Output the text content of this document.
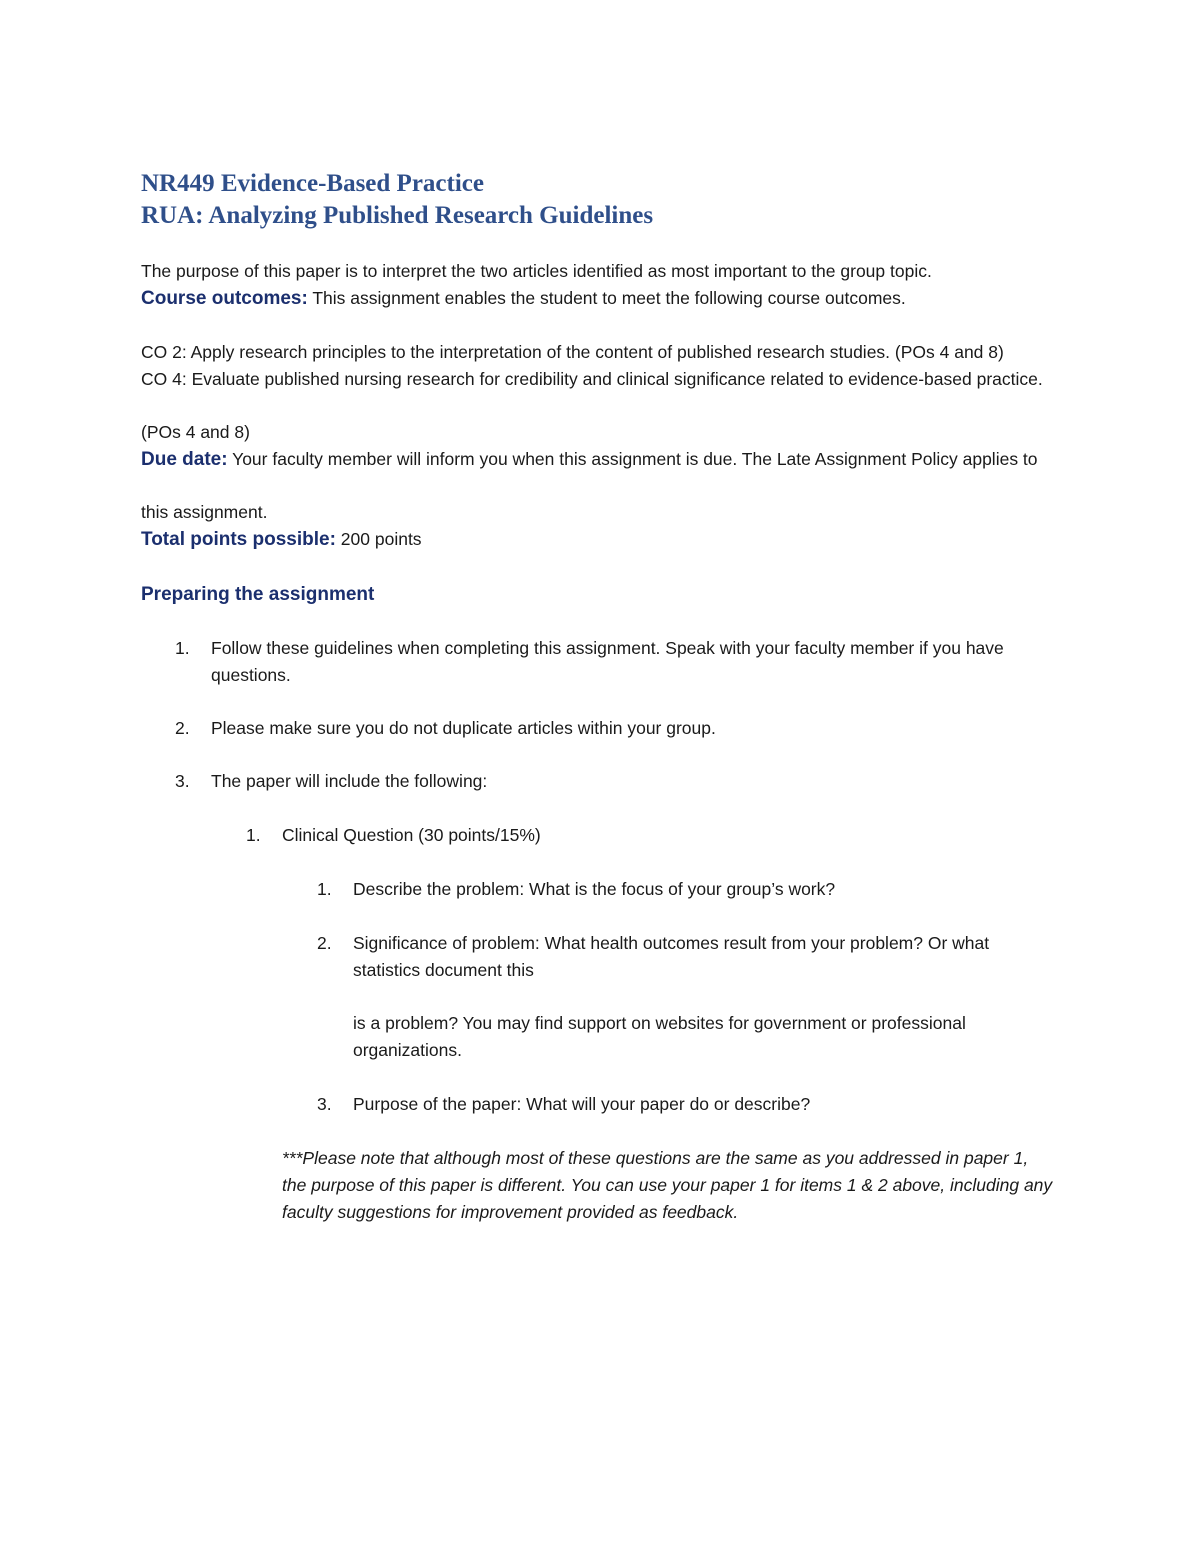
NR449 Evidence-Based Practice
RUA: Analyzing Published Research Guidelines

The purpose of this paper is to interpret the two articles identified as most important to the group topic.

Course outcomes: This assignment enables the student to meet the following course outcomes.

CO 2: Apply research principles to the interpretation of the content of published research studies. (POs 4 and 8)

CO 4: Evaluate published nursing research for credibility and clinical significance related to evidence-based practice.

(POs 4 and 8)

Due date: Your faculty member will inform you when this assignment is due. The Late Assignment Policy applies to

this assignment.

Total points possible: 200 points

Preparing the assignment
1. Follow these guidelines when completing this assignment. Speak with your faculty member if you have questions.
2. Please make sure you do not duplicate articles within your group.
3. The paper will include the following:
1. Clinical Question (30 points/15%)
1. Describe the problem: What is the focus of your group’s work?
2. Significance of problem: What health outcomes result from your problem? Or what statistics document this
is a problem? You may find support on websites for government or professional organizations.
3. Purpose of the paper: What will your paper do or describe?

***Please note that although most of these questions are the same as you addressed in paper 1, the purpose of this paper is different. You can use your paper 1 for items 1 & 2 above, including any faculty suggestions for improvement provided as feedback.
